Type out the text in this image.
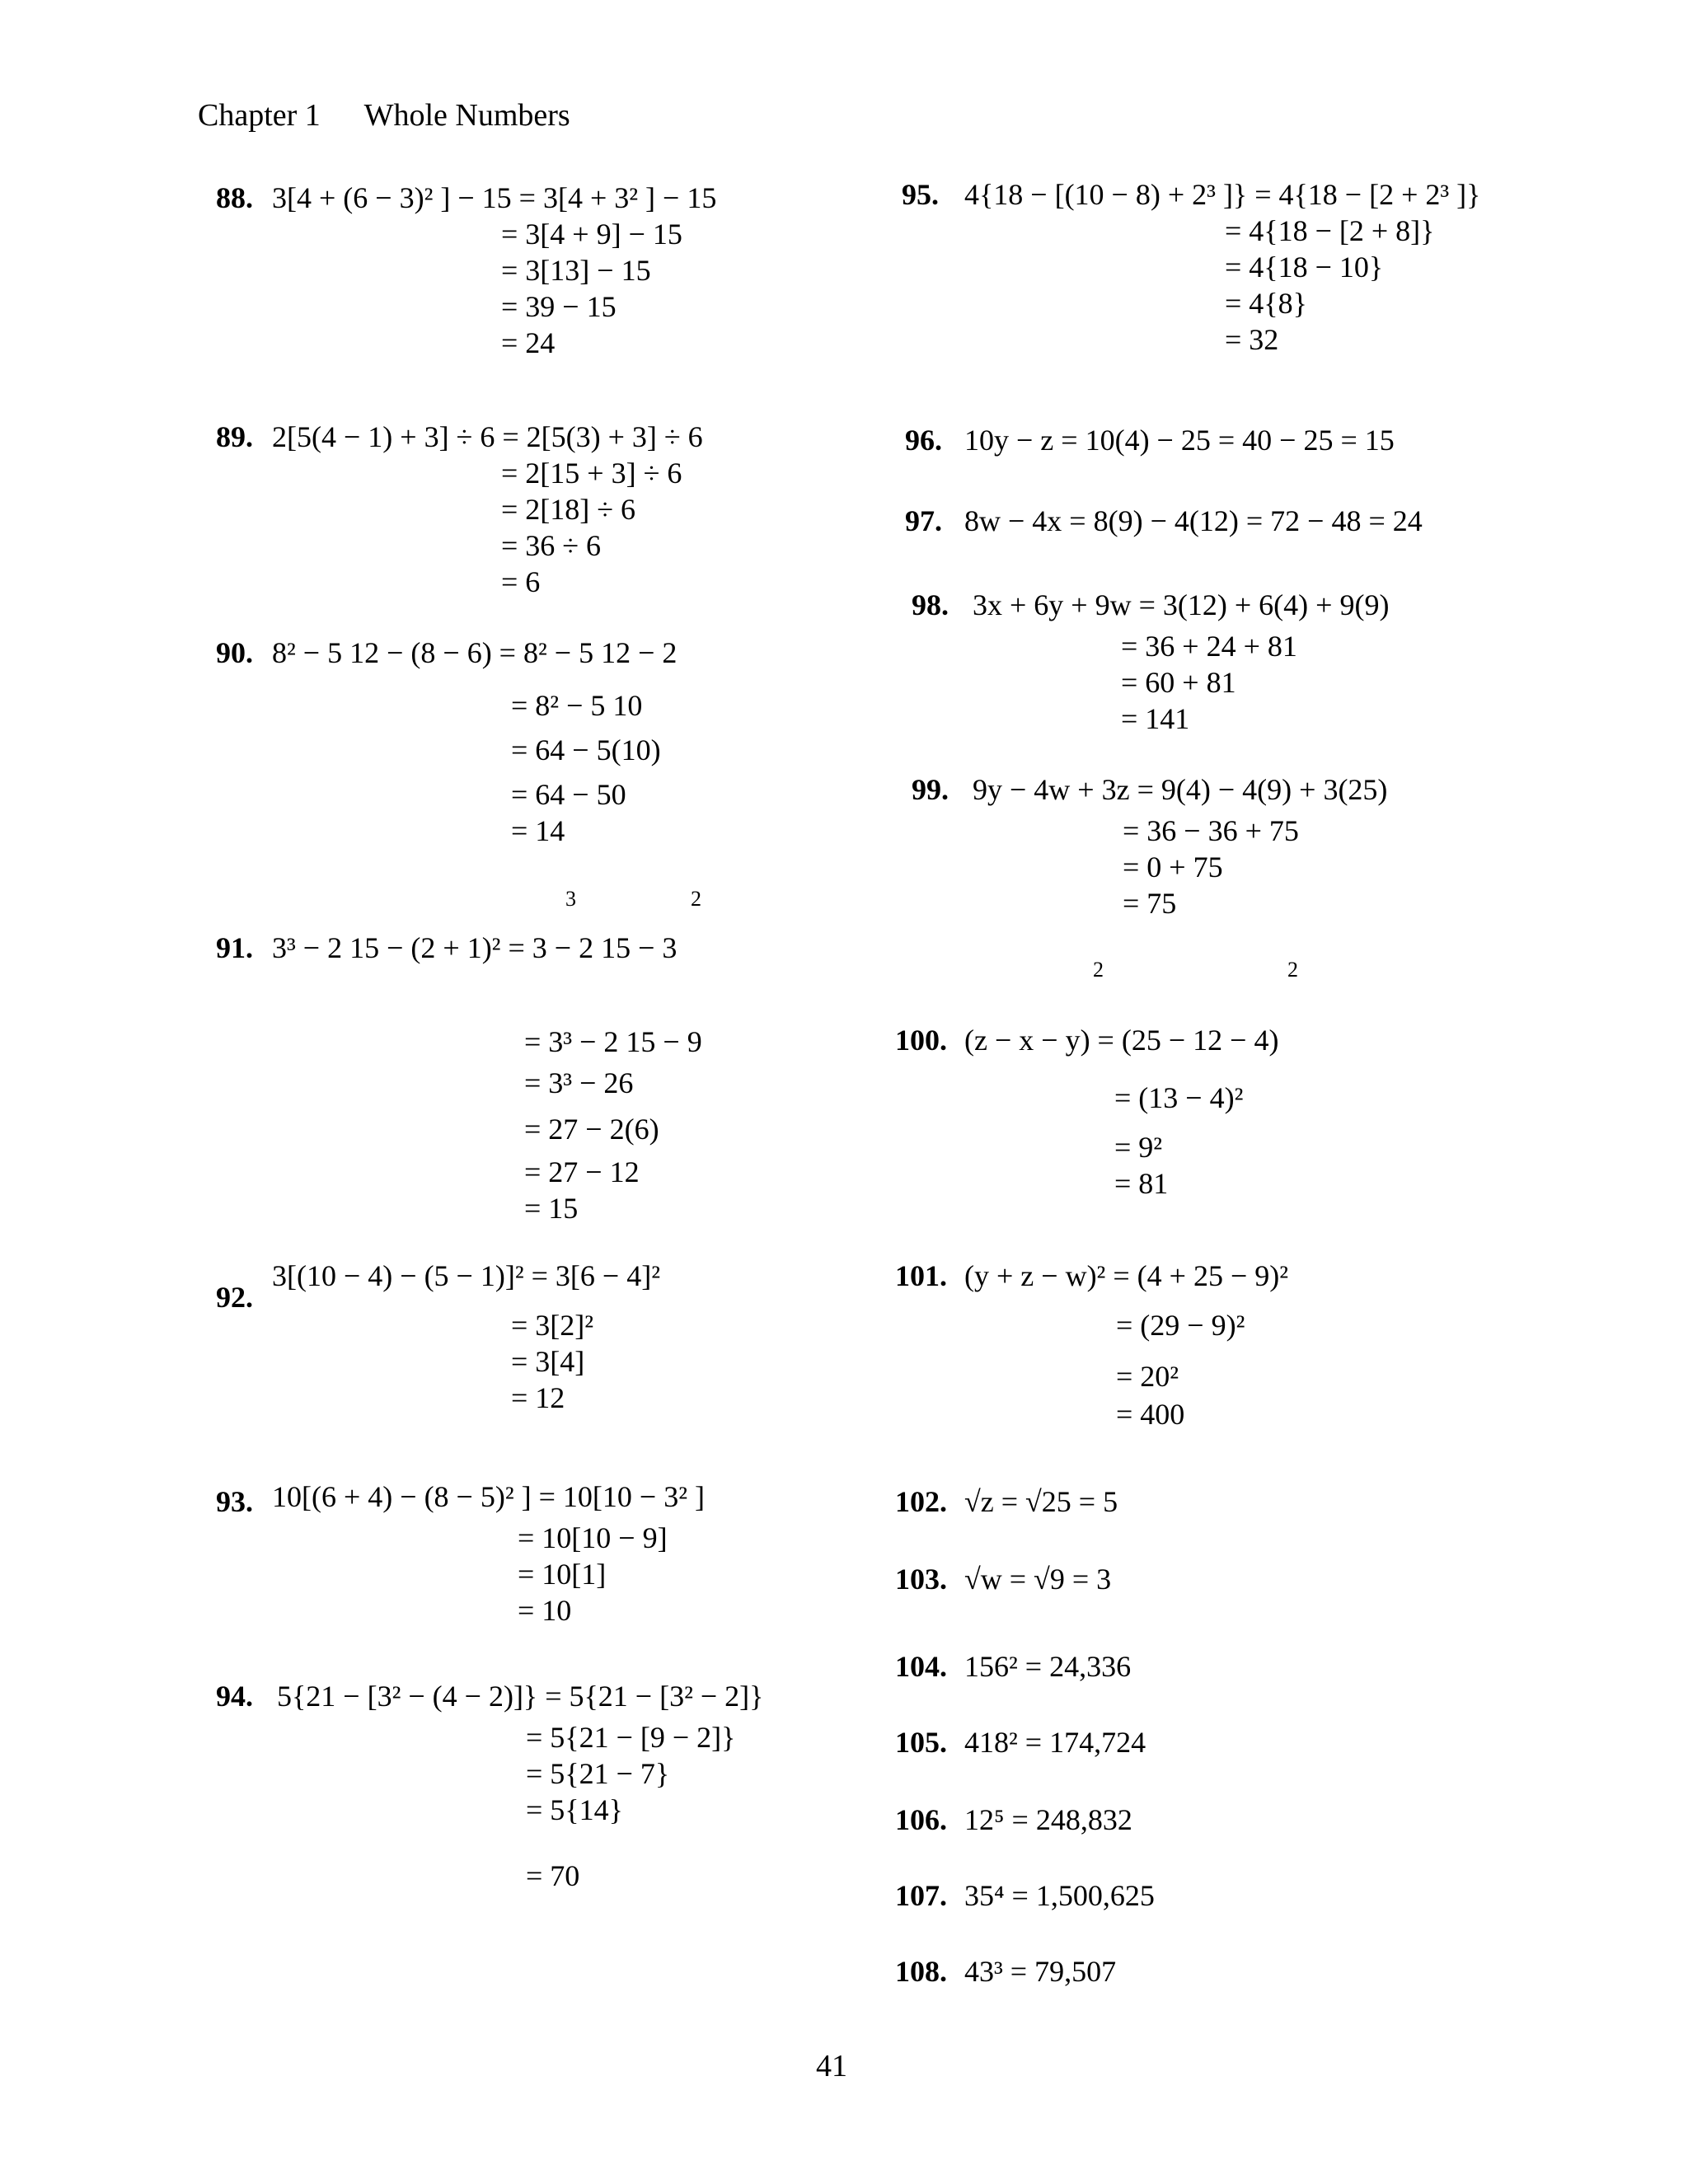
Chapter 1 Whole Numbers
88. 3[4 + (6 − 3)² ] − 15 = 3[4 + 3² ] − 15
= 3[4 + 9] − 15
= 3[13] − 15
= 39 − 15
= 24
89. 2[5(4 − 1) + 3] ÷ 6 = 2[5(3) + 3] ÷ 6
= 2[15 + 3] ÷ 6
= 2[18] ÷ 6
= 36 ÷ 6
= 6
90. 8² − 5 12 − (8 − 6) = 8² − 5 12 − 2
= 8² − 5 10
= 64 − 5(10)
= 64 − 50
= 14
3	2
91. 3³ − 2 15 − (2 + 1)² = 3 − 2 15 − 3
= 3³ − 2 15 − 9
= 3³ − 26
= 27 − 2(6)
= 27 − 12
= 15
92.
3[(10 − 4) − (5 − 1)]² = 3[6 − 4]²
= 3[2]²
= 3[4]
= 12
93. 10[(6 + 4) − (8 − 5)² ] = 10[10 − 3² ]
= 10[10 − 9]
= 10[1]
= 10
94. 5{21 − [3² − (4 − 2)]} = 5{21 − [3² − 2]}
= 5{21 − [9 − 2]}
= 5{21 − 7}
= 5{14}
= 70
95. 4{18 − [(10 − 8) + 2³ ]} = 4{18 − [2 + 2³ ]}
= 4{18 − [2 + 8]}
= 4{18 − 10}
= 4{8}
= 32
96. 10y − z = 10(4) − 25 = 40 − 25 = 15
97. 8w − 4x = 8(9) − 4(12) = 72 − 48 = 24
98. 3x + 6y + 9w = 3(12) + 6(4) + 9(9)
= 36 + 24 + 81
= 60 + 81
= 141
99. 9y − 4w + 3z = 9(4) − 4(9) + 3(25)
= 36 − 36 + 75
= 0 + 75
= 75
2	2
100. (z − x − y) = (25 − 12 − 4)
= (13 − 4)²
= 9²
= 81
101. (y + z − w)² = (4 + 25 − 9)²
= (29 − 9)²
= 20²
= 400
102. √z = √25 = 5
103. √w = √9 = 3
104. 156² = 24,336
105. 418² = 174,724
106. 12⁵ = 248,832
107. 35⁴ = 1,500,625
108. 43³ = 79,507
41
